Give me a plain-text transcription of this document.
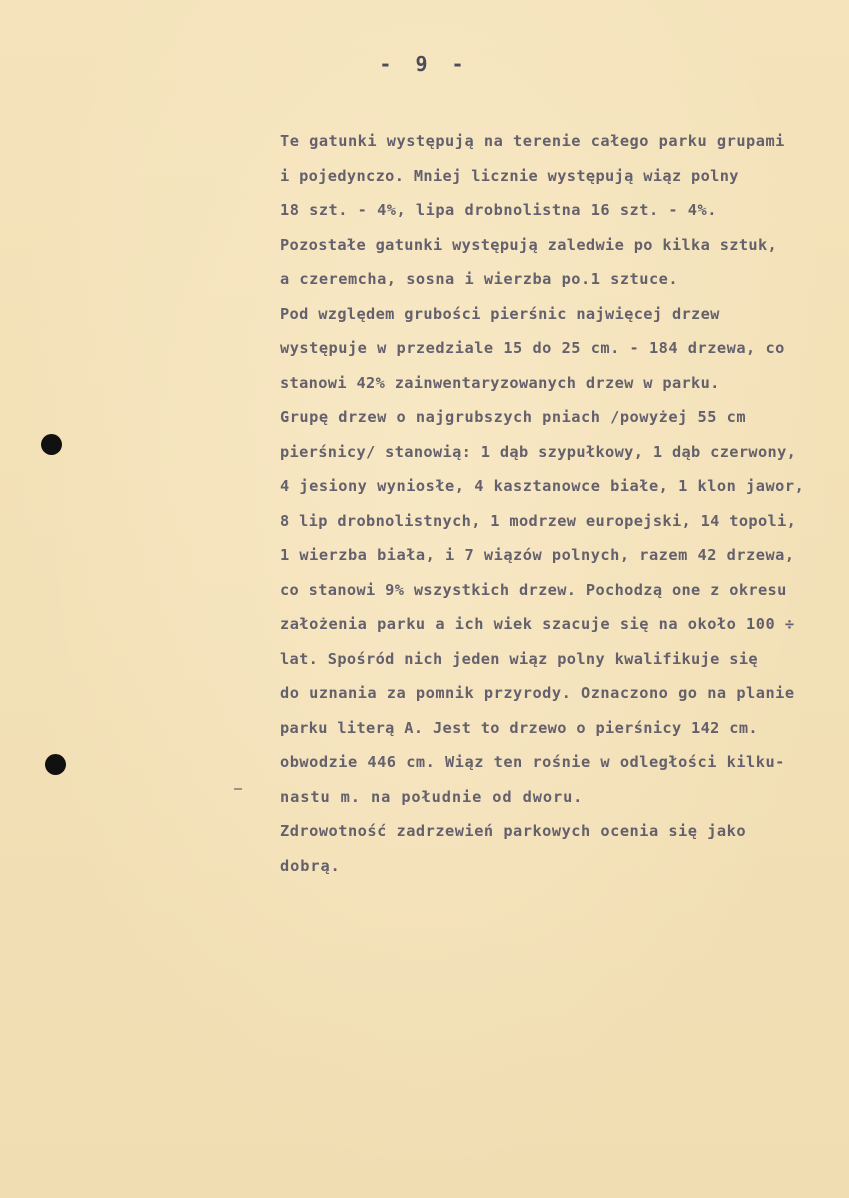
- 9 -
Te gatunki występują na terenie całego parku grupami
i pojedynczo. Mniej licznie występują wiąz polny
18 szt. - 4%, lipa drobnolistna 16 szt. - 4%.
Pozostałe gatunki występują zaledwie po kilka sztuk,
a czeremcha, sosna i wierzba po.1 sztuce.
Pod względem grubości pierśnic najwięcej drzew
występuje w przedziale 15 do 25 cm. - 184 drzewa, co
stanowi 42% zainwentaryzowanych drzew w parku.
Grupę drzew o najgrubszych pniach /powyżej 55 cm
pierśnicy/ stanowią: 1 dąb szypułkowy, 1 dąb czerwony,
4 jesiony wyniosłe, 4 kasztanowce białe, 1 klon jawor,
8 lip drobnolistnych, 1 modrzew europejski, 14 topoli,
1 wierzba biała, i 7 wiązów polnych, razem 42 drzewa,
co stanowi 9% wszystkich drzew. Pochodzą one z okresu
założenia parku a ich wiek szacuje się na około 100 ÷
lat. Spośród nich jeden wiąz polny kwalifikuje się
do uznania za pomnik przyrody. Oznaczono go na planie
parku literą A. Jest to drzewo o pierśnicy 142 cm.
obwodzie 446 cm. Wiąz ten rośnie w odległości kilku-
nastu m. na południe od dworu.
Zdrowotność zadrzewień parkowych ocenia się jako
dobrą.
